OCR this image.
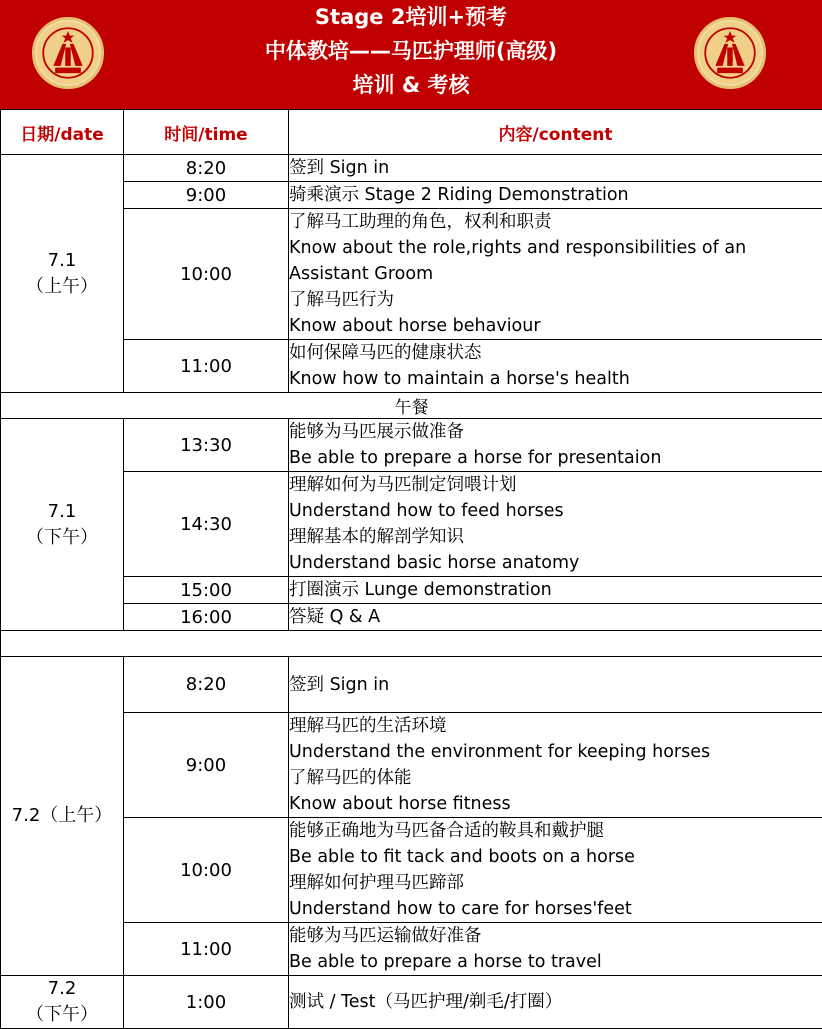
Stage 2培训+预考
中体教培——马匹护理师(高级)
培训 & 考核
日期/date	时间/time	内容/content

7.1
（上午）	8:20	签到 Sign in

	9:00	骑乘演示 Stage 2 Riding Demonstration

	10:00	了解马工助理的角色，权利和职责
Know about the role,rights and responsibilities of an
Assistant Groom
了解马匹行为
Know about horse behaviour

	11:00	如何保障马匹的健康状态
Know how to maintain a horse's health

午餐		

7.1
（下午）	13:30	能够为马匹展示做准备
Be able to prepare a horse for presentaion

	14:30	理解如何为马匹制定饲喂计划
Understand how to feed horses
理解基本的解剖学知识
Understand basic horse anatomy

	15:00	打圈演示 Lunge demonstration

	16:00	答疑 Q & A

7.2（上午）	8:20	签到 Sign in

	9:00	理解马匹的生活环境
Understand the environment for keeping horses
了解马匹的体能
Know about horse fitness

	10:00	能够正确地为马匹备合适的鞍具和戴护腿
Be able to fit tack and boots on a horse
理解如何护理马匹蹄部
Understand how to care for horses'feet

	11:00	能够为马匹运输做好准备
Be able to prepare a horse to travel

7.2
（下午）	1:00	测试 / Test（马匹护理/剃毛/打圈）
